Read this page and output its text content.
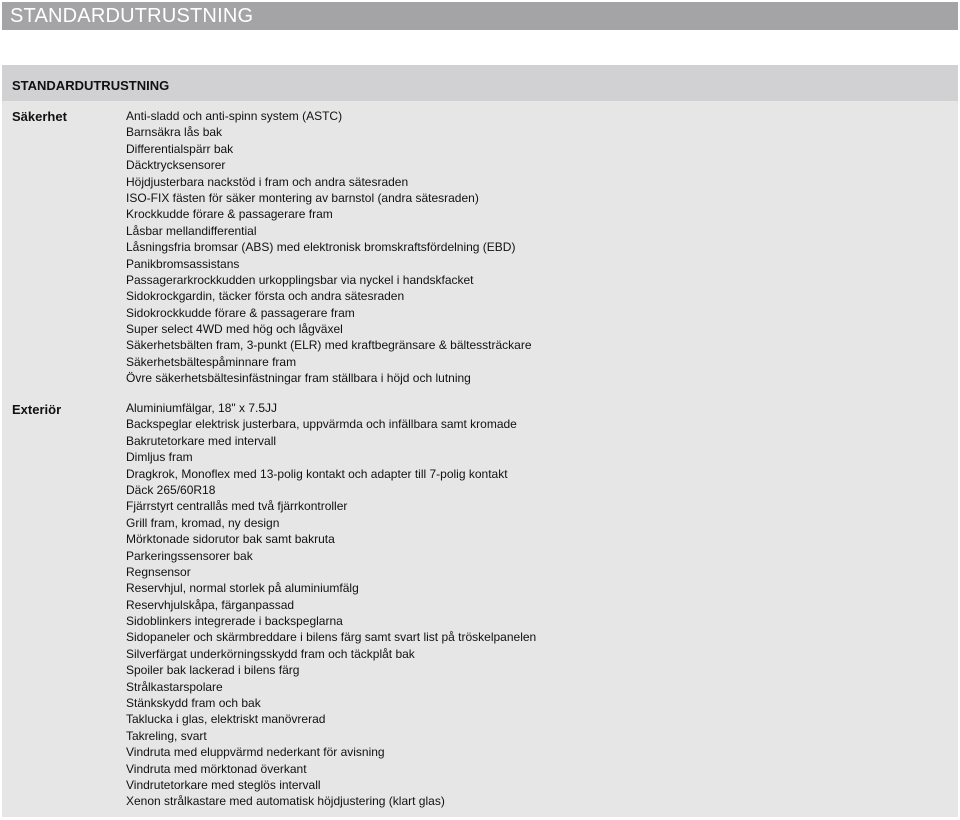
STANDARDUTRUSTNING
STANDARDUTRUSTNING
Säkerhet	Anti-sladd och anti-spinn system (ASTC)
Barnsäkra lås bak
Differentialspärr bak
Däcktrycksensorer
Höjdjusterbara nackstöd i fram och andra sätesraden
ISO-FIX fästen för säker montering av barnstol (andra sätesraden)
Krockkudde förare & passagerare fram
Låsbar mellandifferential
Låsningsfria bromsar (ABS) med elektronisk bromskraftsfördelning (EBD)
Panikbromsassistans
Passagerarkrockkudden urkopplingsbar via nyckel i handskfacket
Sidokrockgardin, täcker första och andra sätesraden
Sidokrockkudde förare & passagerare fram
Super select 4WD med hög och lågväxel
Säkerhetsbälten fram, 3-punkt (ELR) med kraftbegränsare & bältessträckare
Säkerhetsbältespåminnare fram
Övre säkerhetsbältesinfästningar fram ställbara i höjd och lutning
Exteriör	Aluminiumfälgar, 18" x 7.5JJ
Backspeglar elektrisk justerbara, uppvärmda och infällbara samt kromade
Bakrutetorkare med intervall
Dimljus fram
Dragkrok, Monoflex med 13-polig kontakt och adapter till 7-polig kontakt
Däck 265/60R18
Fjärrstyrt centrallås med två fjärrkontroller
Grill fram, kromad, ny design
Mörktonade sidorutor bak samt bakruta
Parkeringssensorer bak
Regnsensor
Reservhjul, normal storlek på aluminiumfälg
Reservhjulskåpa, färganpassad
Sidoblinkers integrerade i backspeglarna
Sidopaneler och skärmbreddare i bilens färg samt svart list på tröskelpanelen
Silverfärgat underkörningsskydd fram och täckplåt bak
Spoiler bak lackerad i bilens färg
Strålkastarspolare
Stänkskydd fram och bak
Taklucka i glas, elektriskt manövrerad
Takreling, svart
Vindruta med eluppvärmd nederkant för avisning
Vindruta med mörktonad överkant
Vindrutetorkare med steglös intervall
Xenon strålkastare med automatisk höjdjustering (klart glas)
